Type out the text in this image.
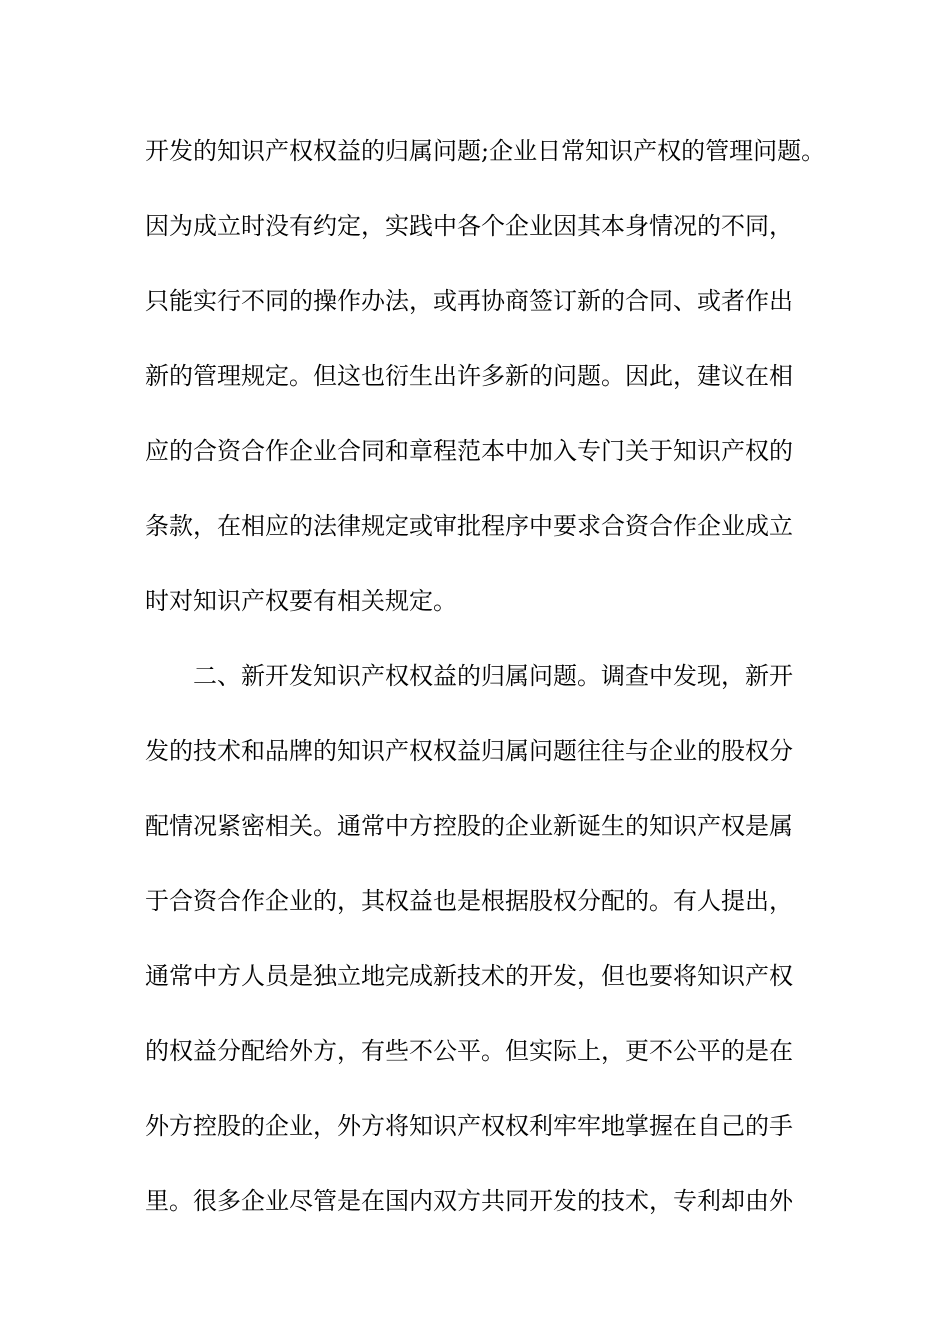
开发的知识产权权益的归属问题;企业日常知识产权的管理问题。
因为成立时没有约定，实践中各个企业因其本身情况的不同，
只能实行不同的操作办法，或再协商签订新的合同、或者作出
新的管理规定。但这也衍生出许多新的问题。因此，建议在相
应的合资合作企业合同和章程范本中加入专门关于知识产权的
条款，在相应的法律规定或审批程序中要求合资合作企业成立
时对知识产权要有相关规定。
二、新开发知识产权权益的归属问题。调查中发现，新开
发的技术和品牌的知识产权权益归属问题往往与企业的股权分
配情况紧密相关。通常中方控股的企业新诞生的知识产权是属
于合资合作企业的，其权益也是根据股权分配的。有人提出，
通常中方人员是独立地完成新技术的开发，但也要将知识产权
的权益分配给外方，有些不公平。但实际上，更不公平的是在
外方控股的企业，外方将知识产权权利牢牢地掌握在自己的手
里。很多企业尽管是在国内双方共同开发的技术，专利却由外
